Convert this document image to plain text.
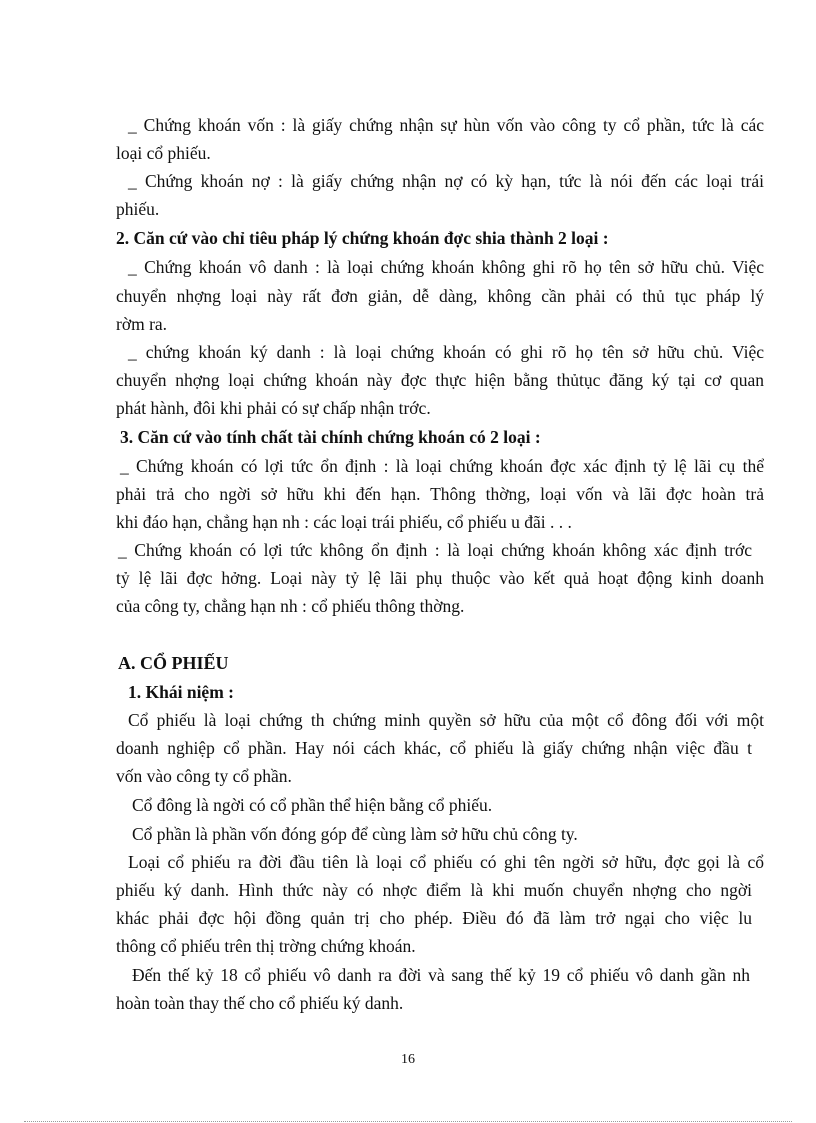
_ Chứng khoán vốn : là giấy chứng nhận sự hùn vốn vào công ty cổ phần, tức là các
loại cổ phiếu.
_ Chứng khoán nợ : là giấy chứng nhận nợ có kỳ hạn, tức là nói đến các loại trái
phiếu.
2. Căn cứ vào chỉ tiêu pháp lý chứng khoán đợc shia thành 2 loại :
_ Chứng khoán vô danh : là loại chứng khoán không ghi rõ họ tên sở hữu chủ. Việc
chuyển nhợng loại này rất đơn giản, dễ dàng, không cần phải có thủ tục pháp lý
rờm ra.
_ chứng khoán ký danh : là loại chứng khoán có ghi rõ họ tên sở hữu chủ. Việc
chuyển nhợng loại chứng khoán này đợc thực hiện bằng thủtục đăng ký tại cơ quan
phát hành, đôi khi phải có sự chấp nhận trớc.
3. Căn cứ vào tính chất tài chính chứng khoán có 2 loại :
_ Chứng khoán có lợi tức ổn định : là loại chứng khoán đợc xác định tỷ lệ lãi cụ thể
phải trả cho ngời sở hữu khi đến hạn. Thông thờng, loại vốn và lãi đợc hoàn trả
khi đáo hạn, chẳng hạn nh : các loại trái phiếu, cổ phiếu u đãi . . .
_ Chứng khoán có lợi tức không ổn định : là loại chứng khoán không xác định trớc
tỷ lệ lãi đợc hởng. Loại này tỷ lệ lãi phụ thuộc vào kết quả hoạt động kinh doanh
của công ty, chẳng hạn nh : cổ phiếu thông thờng.
A. CỔ PHIẾU
1. Khái niệm :
Cổ phiếu là loại chứng th chứng minh quyền sở hữu của một cổ đông đối với một
doanh nghiệp cổ phần. Hay nói cách khác, cổ phiếu là giấy chứng nhận việc đầu t
vốn vào công ty cổ phần.
Cổ đông là ngời có cổ phần thể hiện bằng cổ phiếu.
Cổ phần là phần vốn đóng góp để cùng làm sở hữu chủ công ty.
Loại cổ phiếu ra đời đầu tiên là loại cổ phiếu có ghi tên ngời sở hữu, đợc gọi là cổ
phiếu ký danh. Hình thức này có nhợc điểm là khi muốn chuyển nhợng cho ngời
khác phải đợc hội đồng quản trị cho phép. Điều đó đã làm trở ngại cho việc lu
thông cổ phiếu trên thị trờng chứng khoán.
Đến thế kỷ 18 cổ phiếu vô danh ra đời và sang thế kỷ 19 cổ phiếu vô danh gần nh
hoàn toàn thay thế cho cổ phiếu ký danh.
16
